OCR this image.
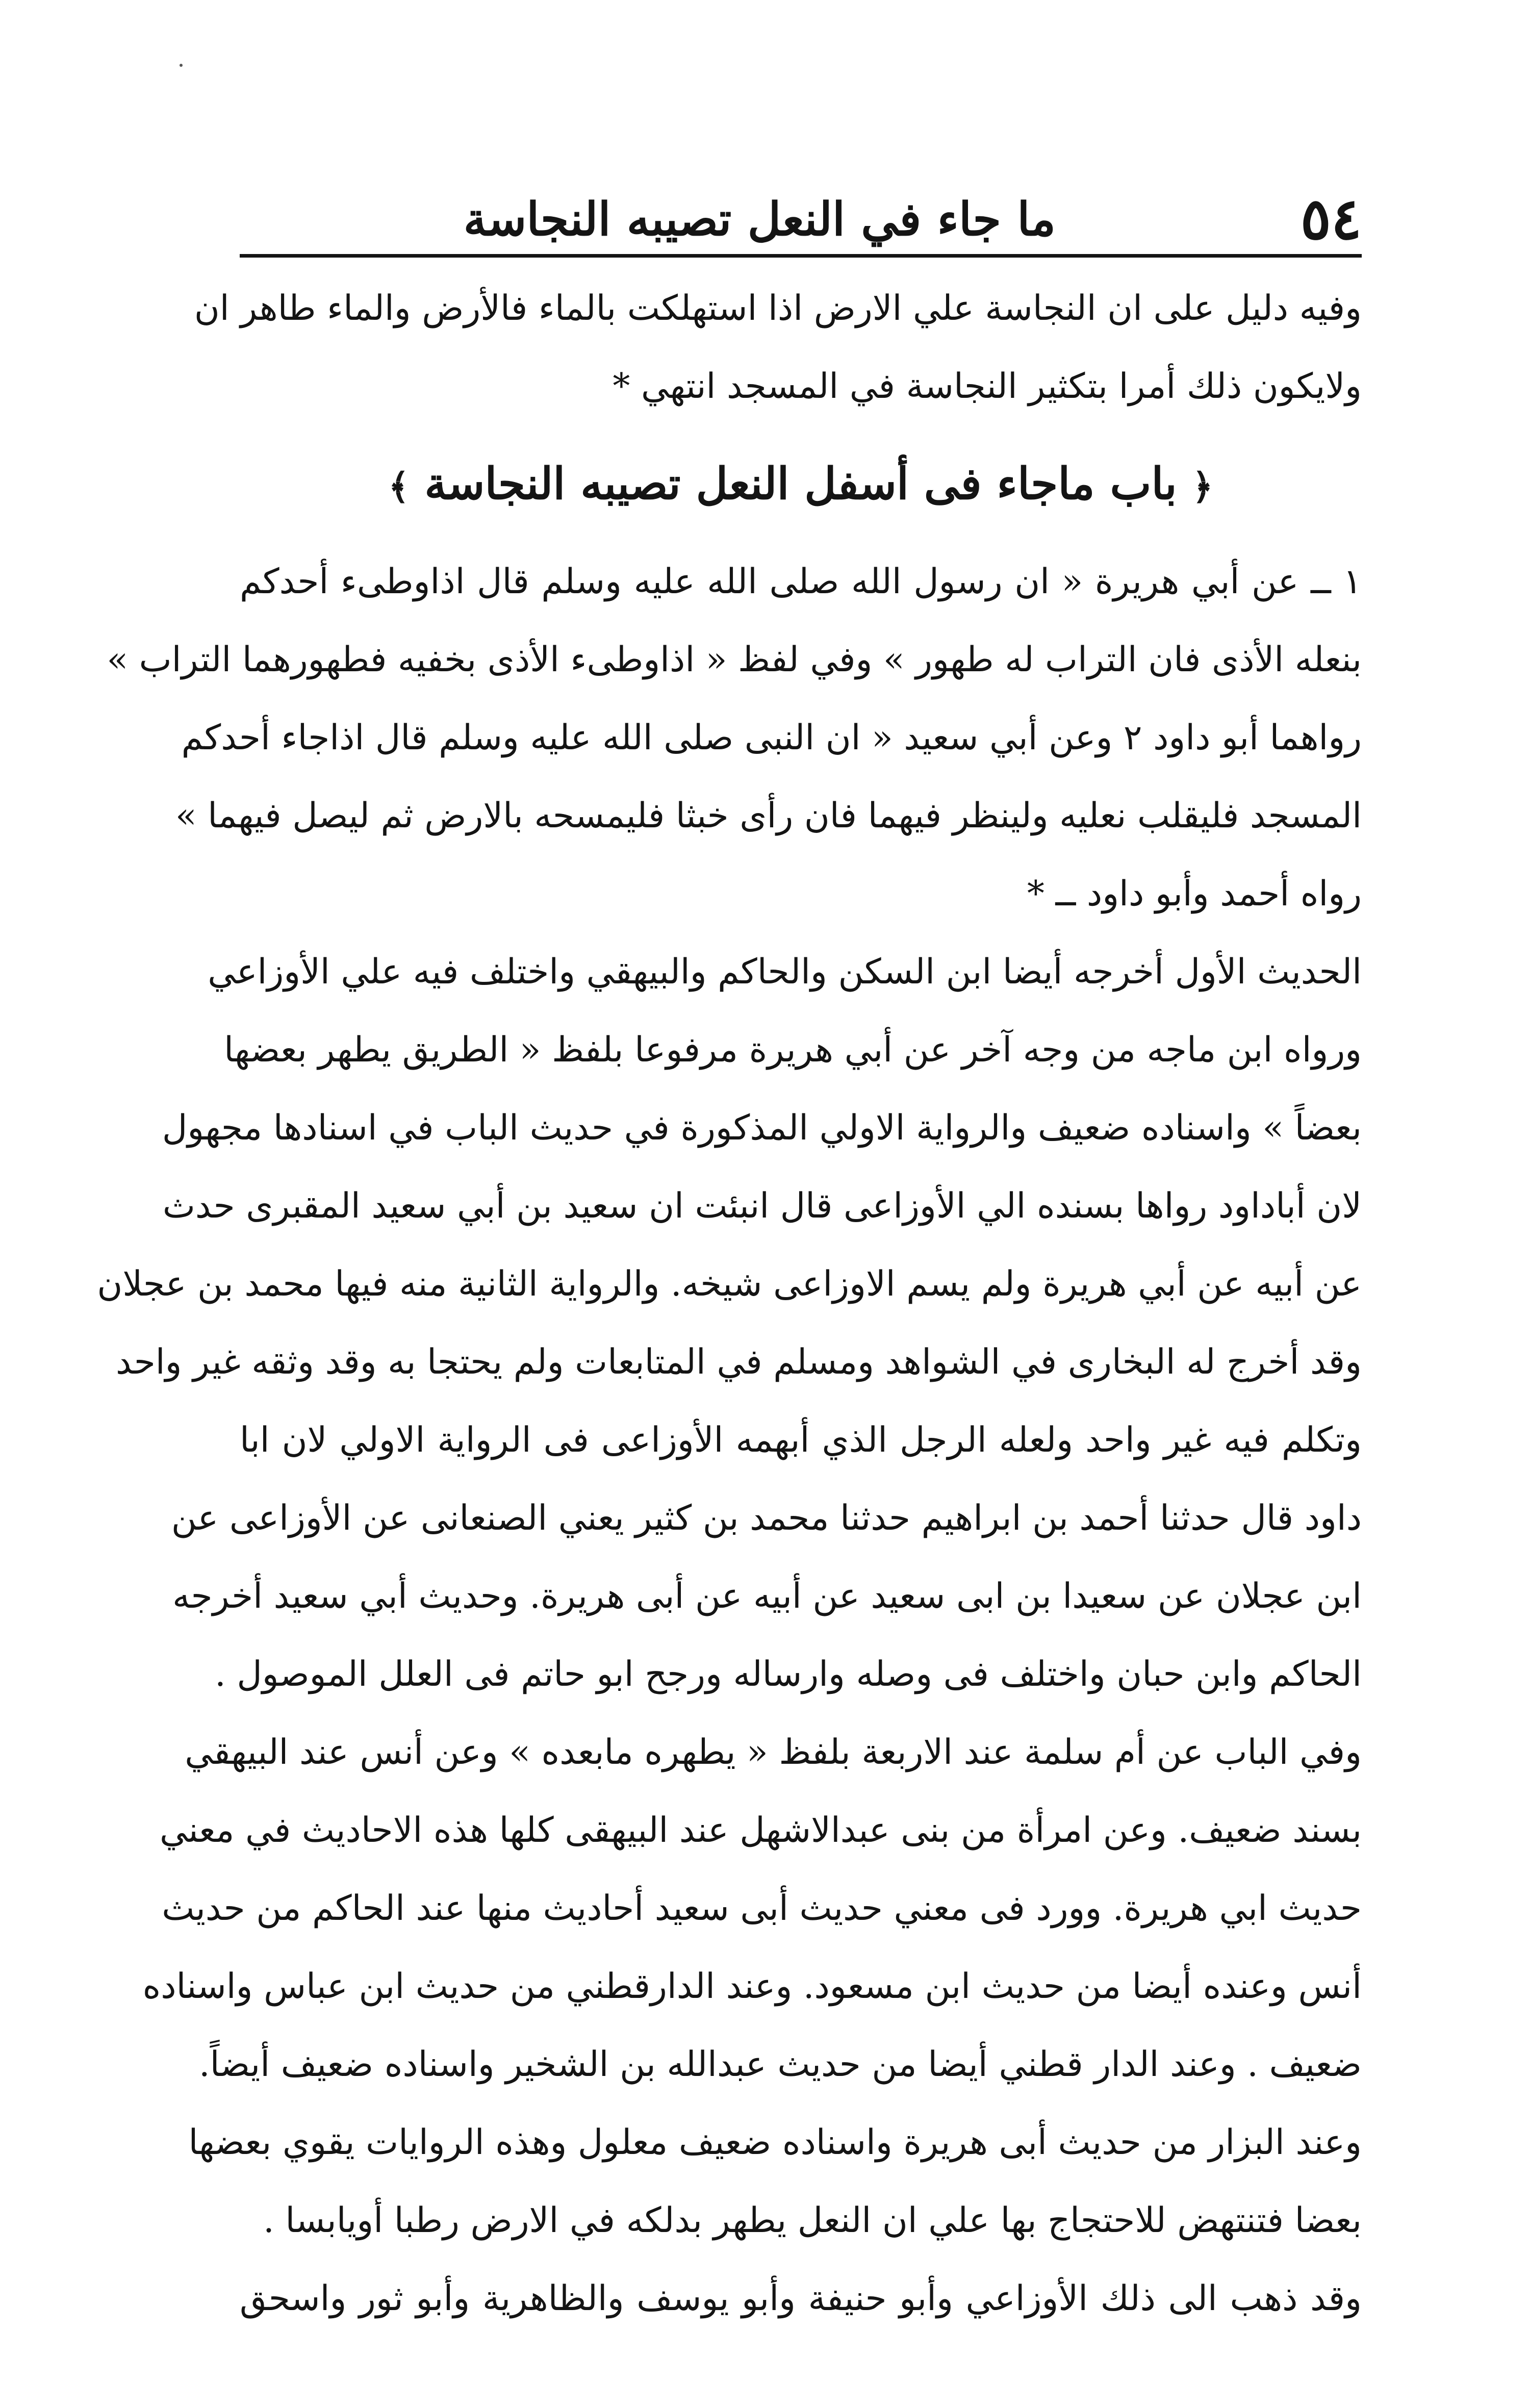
٥٤
ما جاء في النعل تصيبه النجاسة
وفيه دليل على ان النجاسة علي الارض اذا استهلكت بالماء فالأرض والماء طاهر ان
ولايكون ذلك أمرا بتكثير النجاسة في المسجد انتهي *
﴿ باب ماجاء فى أسفل النعل تصيبه النجاسة ﴾
١ ــ عن أبي هريرة « ان رسول الله صلى الله عليه وسلم قال اذاوطىء أحدكم
بنعله الأذى فان التراب له طهور » وفي لفظ « اذاوطىء الأذى بخفيه فطهورهما التراب »
رواهما أبو داود ٢ وعن أبي سعيد « ان النبى صلى الله عليه وسلم قال اذاجاء أحدكم
المسجد فليقلب نعليه ولينظر فيهما فان رأى خبثا فليمسحه بالارض ثم ليصل فيهما »
رواه أحمد وأبو داود ــ *
الحديث الأول أخرجه أيضا ابن السكن والحاكم والبيهقي واختلف فيه علي الأوزاعي
ورواه ابن ماجه من وجه آخر عن أبي هريرة مرفوعا بلفظ « الطريق يطهر بعضها
بعضاً » واسناده ضعيف والرواية الاولي المذكورة في حديث الباب في اسنادها مجهول
لان أباداود رواها بسنده الي الأوزاعى قال انبئت ان سعيد بن أبي سعيد المقبرى حدث
عن أبيه عن أبي هريرة ولم يسم الاوزاعى شيخه. والرواية الثانية منه فيها محمد بن عجلان
وقد أخرج له البخارى في الشواهد ومسلم في المتابعات ولم يحتجا به وقد وثقه غير واحد
وتكلم فيه غير واحد ولعله الرجل الذي أبهمه الأوزاعى فى الرواية الاولي لان ابا
داود قال حدثنا أحمد بن ابراهيم حدثنا محمد بن كثير يعني الصنعانى عن الأوزاعى عن
ابن عجلان عن سعيدا بن ابى سعيد عن أبيه عن أبى هريرة. وحديث أبي سعيد أخرجه
الحاكم وابن حبان واختلف فى وصله وارساله ورجح ابو حاتم فى العلل الموصول .
وفي الباب عن أم سلمة عند الاربعة بلفظ « يطهره مابعده » وعن أنس عند البيهقي
بسند ضعيف. وعن امرأة من بنى عبدالاشهل عند البيهقى كلها هذه الاحاديث في معني
حديث ابي هريرة. وورد فى معني حديث أبى سعيد أحاديث منها عند الحاكم من حديث
أنس وعنده أيضا من حديث ابن مسعود. وعند الدارقطني من حديث ابن عباس واسناده
ضعيف . وعند الدار قطني أيضا من حديث عبدالله بن الشخير واسناده ضعيف أيضاً.
وعند البزار من حديث أبى هريرة واسناده ضعيف معلول وهذه الروايات يقوي بعضها
بعضا فتنتهض للاحتجاج بها علي ان النعل يطهر بدلكه في الارض رطبا أويابسا .
وقد ذهب الى ذلك الأوزاعي وأبو حنيفة وأبو يوسف والظاهرية وأبو ثور واسحق
